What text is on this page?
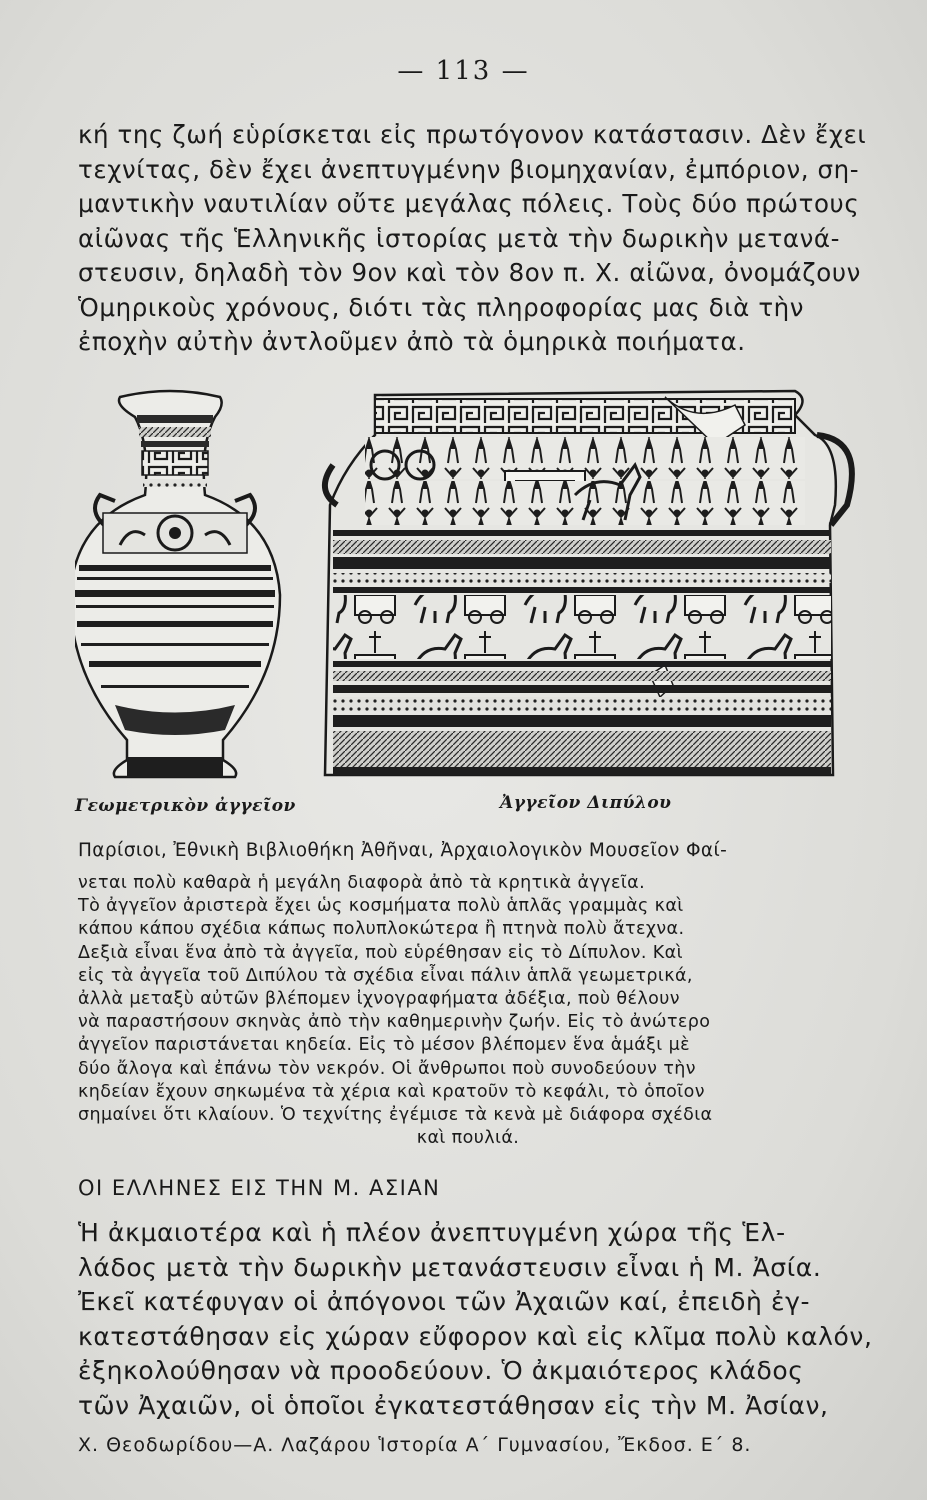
— 113 —
κή της ζωή εὑρίσκεται εἰς πρωτόγονον κατάστασιν. Δὲν ἔχει
τεχνίτας, δὲν ἔχει ἀνεπτυγμένην βιομηχανίαν, ἐμπόριον, ση-
μαντικὴν ναυτιλίαν οὔτε μεγάλας πόλεις. Τοὺς δύο πρώτους
αἰῶνας τῆς Ἑλληνικῆς ἱστορίας μετὰ τὴν δωρικὴν μετανά-
στευσιν, δηλαδὴ τὸν 9ον καὶ τὸν 8ον π. Χ. αἰῶνα, ὀνομάζουν
Ὁμηρικοὺς χρόνους, διότι τὰς πληροφορίας μας διὰ τὴν
ἐποχὴν αὐτὴν ἀντλοῦμεν ἀπὸ τὰ ὁμηρικὰ ποιήματα.
Γεωμετρικὸν ἀγγεῖον	Ἀγγεῖον Διπύλου
Παρίσιοι, Ἐθνικὴ Βιβλιοθήκη Ἀθῆναι, Ἀρχαιολογικὸν Μουσεῖον Φαί-
νεται πολὺ καθαρὰ ἡ μεγάλη διαφορὰ ἀπὸ τὰ κρητικὰ ἀγγεῖα.
Τὸ ἀγγεῖον ἀριστερὰ ἔχει ὡς κοσμήματα πολὺ ἁπλᾶς γραμμὰς καὶ
κάπου κάπου σχέδια κάπως πολυπλοκώτερα ἢ πτηνὰ πολὺ ἄτεχνα.
Δεξιὰ εἶναι ἕνα ἀπὸ τὰ ἀγγεῖα, ποὺ εὑρέθησαν εἰς τὸ Δίπυλον. Καὶ
εἰς τὰ ἀγγεῖα τοῦ Διπύλου τὰ σχέδια εἶναι πάλιν ἁπλᾶ γεωμετρικά,
ἀλλὰ μεταξὺ αὐτῶν βλέπομεν ἰχνογραφήματα ἀδέξια, ποὺ θέλουν
νὰ παραστήσουν σκηνὰς ἀπὸ τὴν καθημερινὴν ζωήν. Εἰς τὸ ἀνώτερο
ἀγγεῖον παριστάνεται κηδεία. Εἰς τὸ μέσον βλέπομεν ἕνα ἁμάξι μὲ
δύο ἄλογα καὶ ἐπάνω τὸν νεκρόν. Οἱ ἄνθρωποι ποὺ συνοδεύουν τὴν
κηδείαν ἔχουν σηκωμένα τὰ χέρια καὶ κρατοῦν τὸ κεφάλι, τὸ ὁποῖον
σημαίνει ὅτι κλαίουν. Ὁ τεχνίτης ἐγέμισε τὰ κενὰ μὲ διάφορα σχέδια
καὶ πουλιά.
ΟΙ ΕΛΛΗΝΕΣ ΕΙΣ ΤΗΝ Μ. ΑΣΙΑΝ
Ἡ ἀκμαιοτέρα καὶ ἡ πλέον ἀνεπτυγμένη χώρα τῆς Ἑλ-
λάδος μετὰ τὴν δωρικὴν μετανάστευσιν εἶναι ἡ Μ. Ἀσία.
Ἐκεῖ κατέφυγαν οἱ ἀπόγονοι τῶν Ἀχαιῶν καί, ἐπειδὴ ἐγ-
κατεστάθησαν εἰς χώραν εὔφορον καὶ εἰς κλῖμα πολὺ καλόν,
ἐξηκολούθησαν νὰ προοδεύουν. Ὁ ἀκμαιότερος κλάδος
τῶν Ἀχαιῶν, οἱ ὁποῖοι ἐγκατεστάθησαν εἰς τὴν Μ. Ἀσίαν,
Χ. Θεοδωρίδου—Α. Λαζάρου Ἱστορία Α΄ Γυμνασίου, Ἔκδοσ. Ε΄ 8.
